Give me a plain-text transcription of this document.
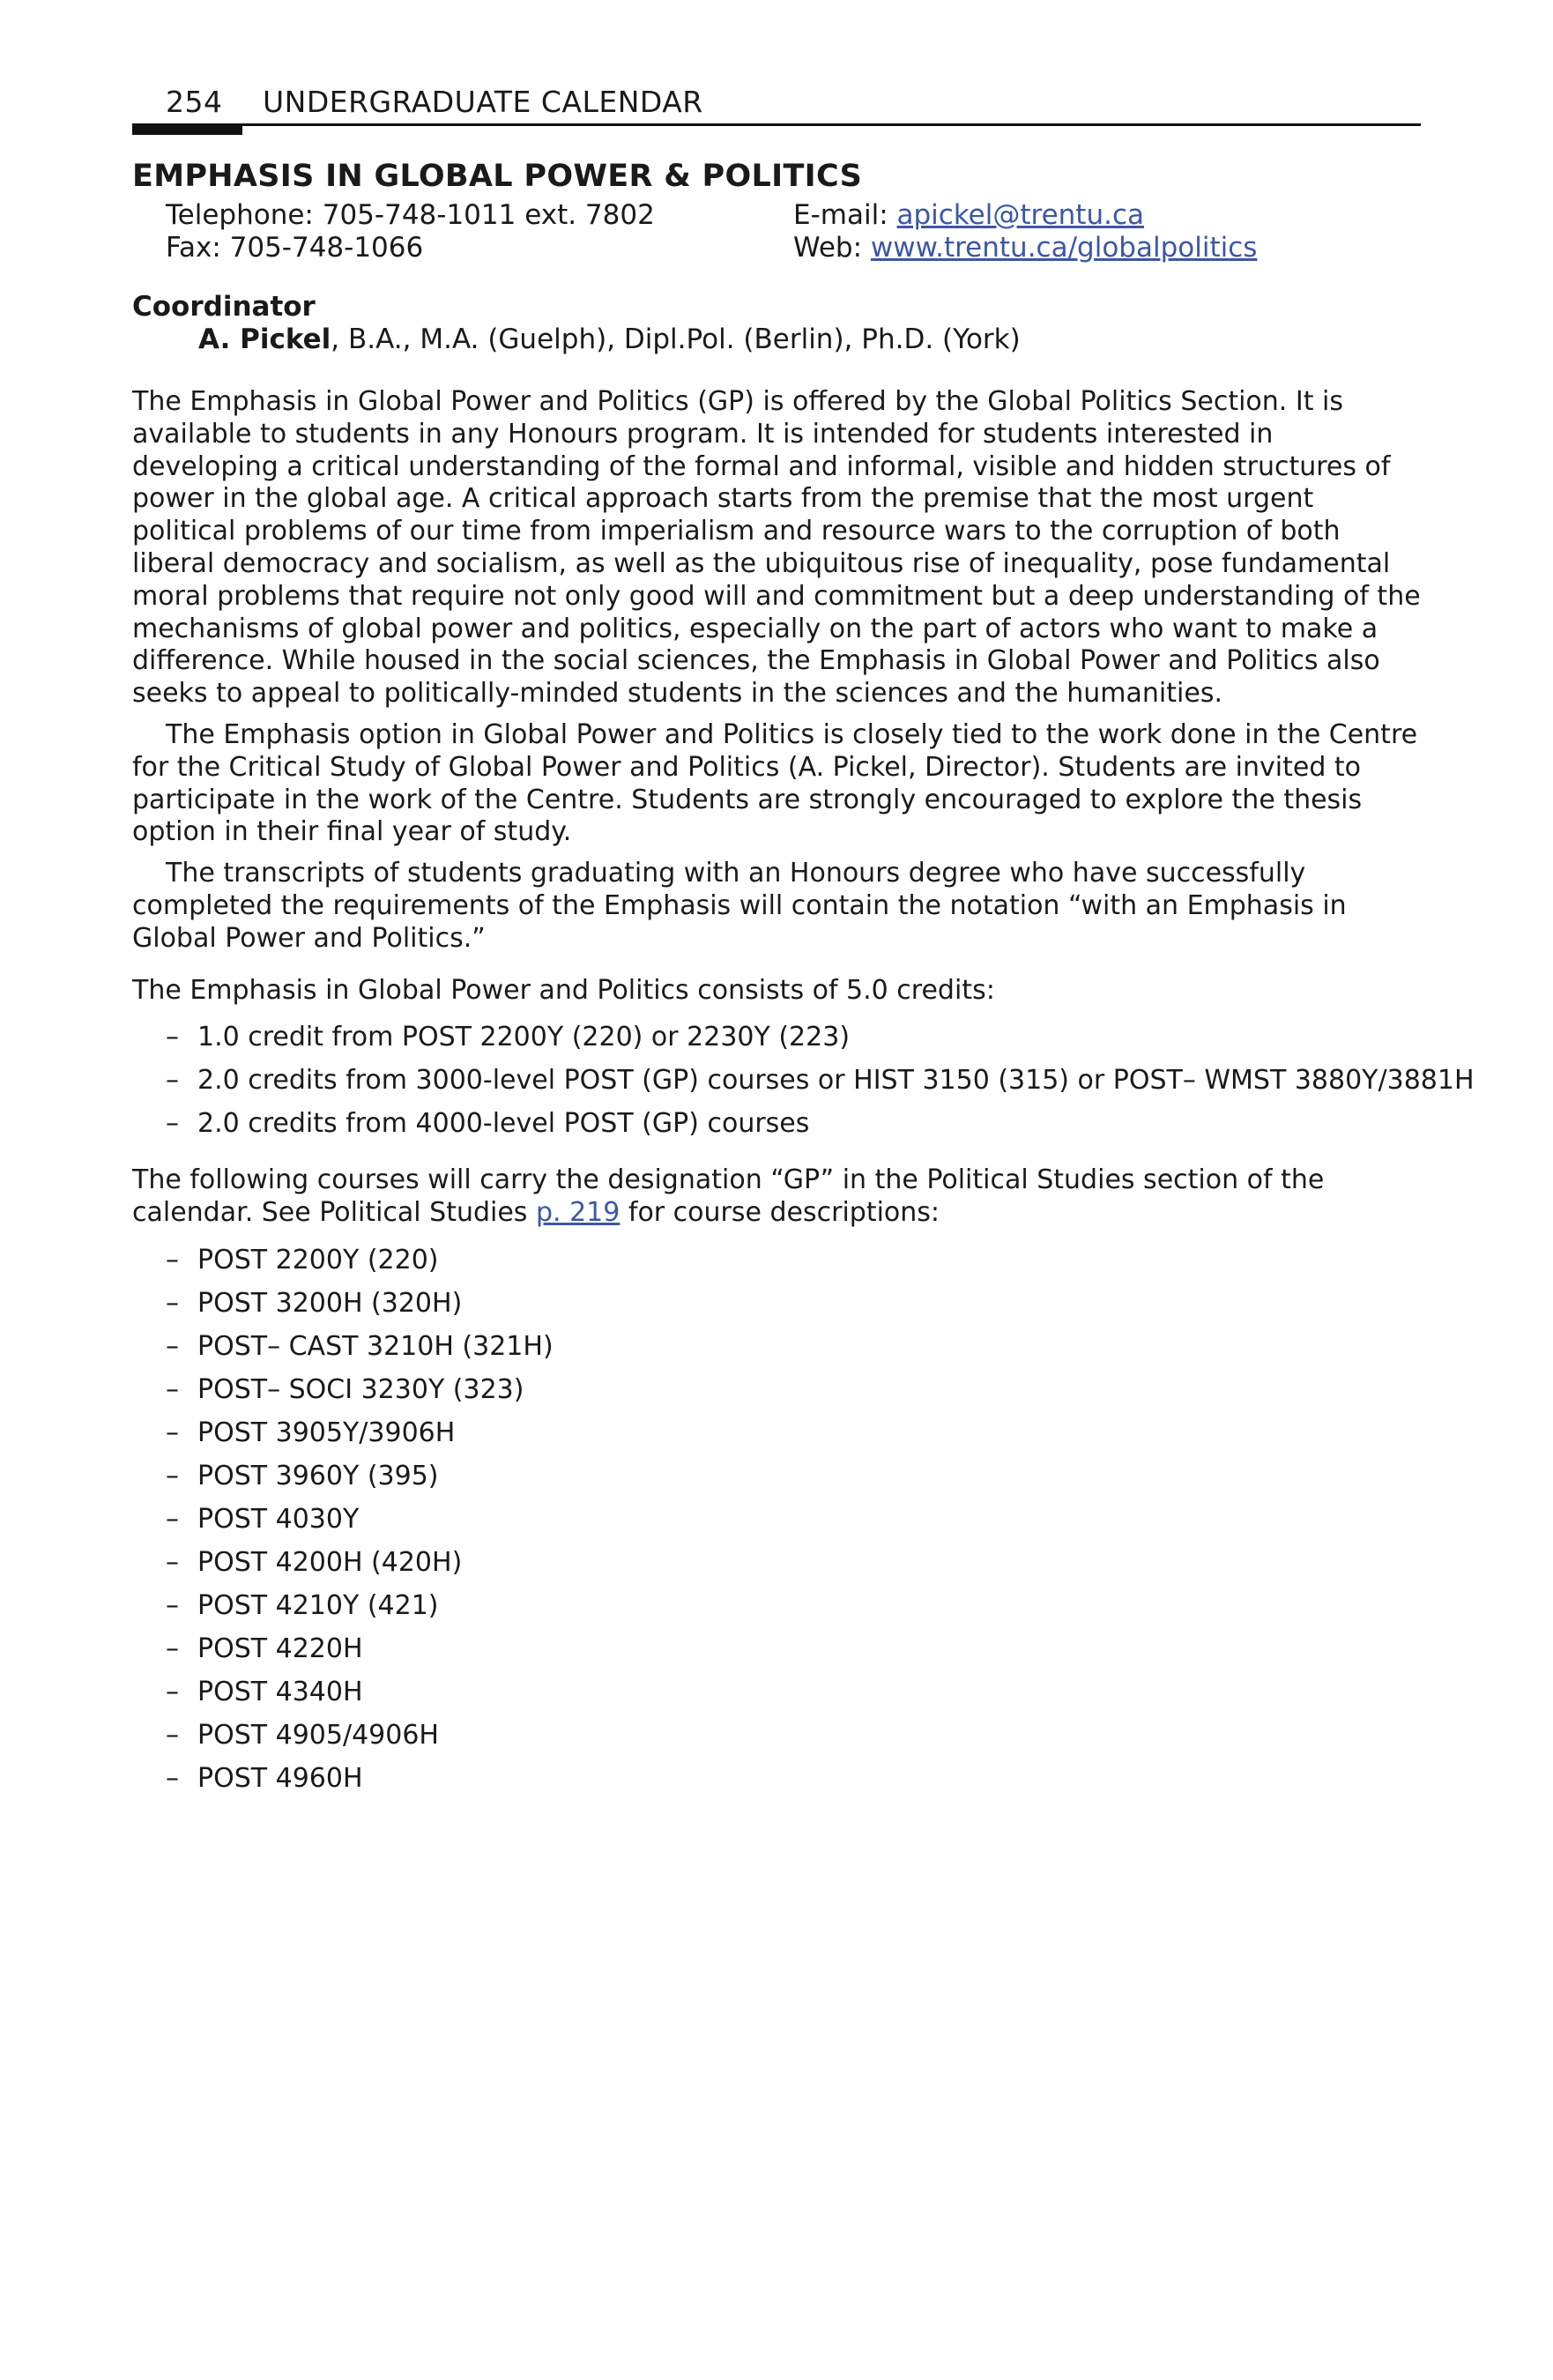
254 UNDERGRADUATE CALENDAR
EMPHASIS IN GLOBAL POWER & POLITICS
Telephone: 705-748-1011 ext. 7802
Fax: 705-748-1066
E-mail: apickel@trentu.ca
Web: www.trentu.ca/globalpolitics
Coordinator
A. Pickel, B.A., M.A. (Guelph), Dipl.Pol. (Berlin), Ph.D. (York)

The Emphasis in Global Power and Politics (GP) is offered by the Global Politics Section. It is available to students in any Honours program. It is intended for students interested in developing a critical understanding of the formal and informal, visible and hidden structures of power in the global age. A critical approach starts from the premise that the most urgent political problems of our time from imperialism and resource wars to the corruption of both liberal democracy and socialism, as well as the ubiquitous rise of inequality, pose fundamental moral problems that require not only good will and commitment but a deep understanding of the mechanisms of global power and politics, especially on the part of actors who want to make a difference. While housed in the social sciences, the Emphasis in Global Power and Politics also seeks to appeal to politically-minded students in the sciences and the humanities.

The Emphasis option in Global Power and Politics is closely tied to the work done in the Centre for the Critical Study of Global Power and Politics (A. Pickel, Director). Students are invited to participate in the work of the Centre. Students are strongly encouraged to explore the thesis option in their final year of study.

The transcripts of students graduating with an Honours degree who have successfully completed the requirements of the Emphasis will contain the notation “with an Emphasis in Global Power and Politics.”

The Emphasis in Global Power and Politics consists of 5.0 credits:

– 1.0 credit from POST 2200Y (220) or 2230Y (223)
– 2.0 credits from 3000-level POST (GP) courses or HIST 3150 (315) or POST– WMST 3880Y/3881H
– 2.0 credits from 4000-level POST (GP) courses

The following courses will carry the designation “GP” in the Political Studies section of the calendar. See Political Studies p. 219 for course descriptions:

– POST 2200Y (220)
– POST 3200H (320H)
– POST– CAST 3210H (321H)
– POST– SOCI 3230Y (323)
– POST 3905Y/3906H
– POST 3960Y (395)
– POST 4030Y
– POST 4200H (420H)
– POST 4210Y (421)
– POST 4220H
– POST 4340H
– POST 4905/4906H
– POST 4960H
